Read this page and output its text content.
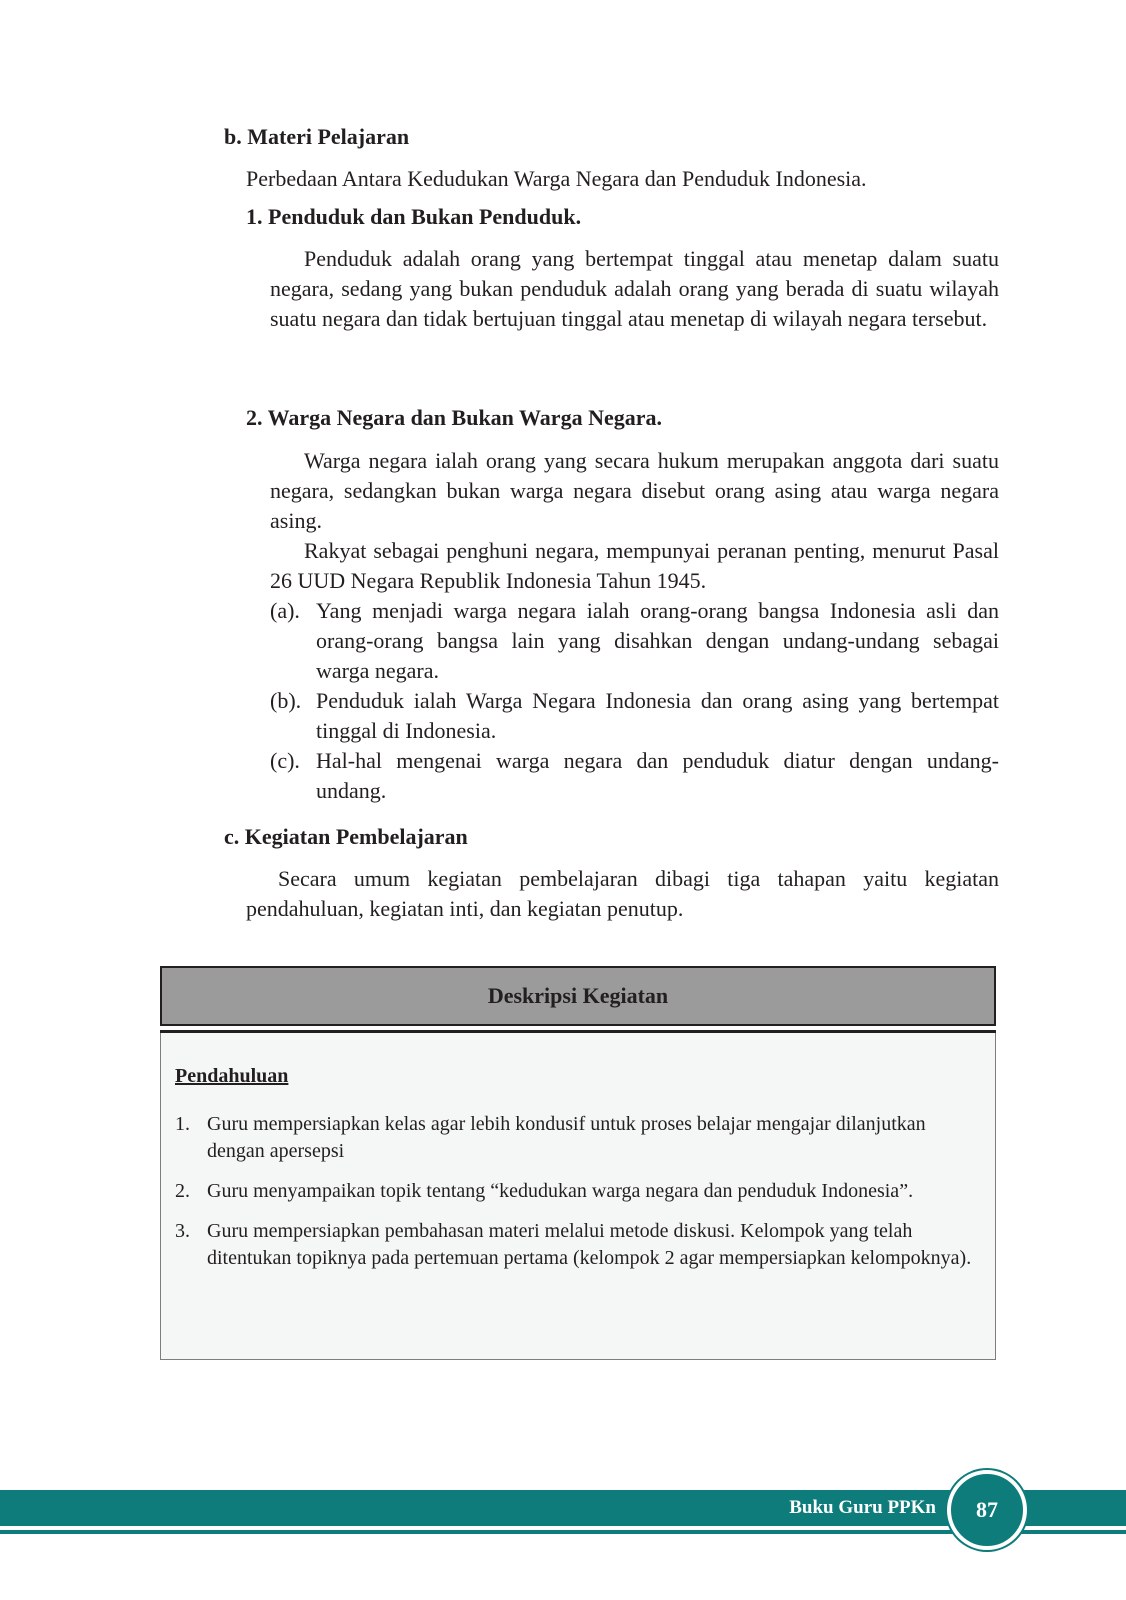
b. Materi Pelajaran

Perbedaan Antara Kedudukan Warga Negara dan Penduduk Indonesia.

1. Penduduk dan Bukan Penduduk.

Penduduk adalah orang yang bertempat tinggal atau menetap dalam suatu negara, sedang yang bukan penduduk adalah orang yang berada di suatu wilayah suatu negara dan tidak bertujuan tinggal atau menetap di wilayah negara tersebut.

2. Warga Negara dan Bukan Warga Negara.

Warga negara ialah orang yang secara hukum merupakan anggota dari suatu negara, sedangkan bukan warga negara disebut orang asing atau warga negara asing.

Rakyat sebagai penghuni negara, mempunyai peranan penting, menurut Pasal 26 UUD Negara Republik Indonesia Tahun 1945.

(a). Yang menjadi warga negara ialah orang-orang bangsa Indonesia asli dan orang-orang bangsa lain yang disahkan dengan undang-undang sebagai warga negara.
(b). Penduduk ialah Warga Negara Indonesia dan orang asing yang bertempat tinggal di Indonesia.
(c). Hal-hal mengenai warga negara dan penduduk diatur dengan undang-undang.
c. Kegiatan Pembelajaran

Secara umum kegiatan pembelajaran dibagi tiga tahapan yaitu kegiatan pendahuluan, kegiatan inti, dan kegiatan penutup.

Deskripsi Kegiatan

Pendahuluan

1. Guru mempersiapkan kelas agar lebih kondusif untuk proses belajar mengajar dilanjutkan dengan apersepsi
2. Guru menyampaikan topik tentang “kedudukan warga negara dan penduduk Indonesia”.
3. Guru mempersiapkan pembahasan materi melalui metode diskusi. Kelompok yang telah ditentukan topiknya pada pertemuan pertama (kelompok 2 agar mempersiapkan kelompoknya).
Buku Guru PPKn 87
